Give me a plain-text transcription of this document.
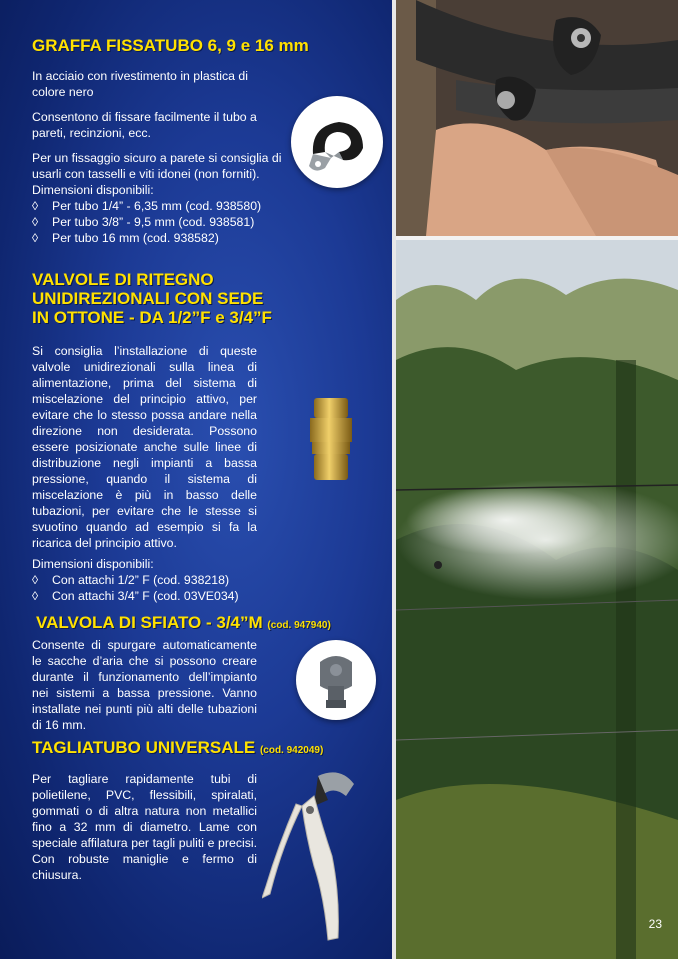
GRAFFA FISSATUBO 6, 9 e 16 mm

In acciaio con rivestimento in plastica di colore nero

Consentono di fissare facilmente il tubo a pareti, recinzioni, ecc.

Per un fissaggio sicuro a parete si consiglia di usarli con tasselli e viti idonei (non forniti).

Dimensioni disponibili:

◊ Per tubo 1/4” - 6,35 mm (cod. 938580)
◊ Per tubo 3/8” - 9,5 mm (cod. 938581)
◊ Per tubo 16 mm (cod. 938582)
VALVOLE DI RITEGNO
UNIDIREZIONALI CON SEDE
IN OTTONE - DA 1/2”F e 3/4”F

Si consiglia l’installazione di queste valvole unidirezionali sulla linea di alimentazione, prima del sistema di miscelazione del principio attivo, per evitare che lo stesso possa andare nella direzione non desiderata. Possono essere posizionate anche sulle linee di distribuzione negli impianti a bassa pressione, quando il sistema di miscelazione è più in basso delle tubazioni, per evitare che le stesse si svuotino quando ad esempio si fa la ricarica del principio attivo.

Dimensioni disponibili:

◊ Con attachi 1/2” F (cod. 938218)
◊ Con attachi 3/4” F (cod. 03VE034)
VALVOLA DI SFIATO - 3/4”M (cod. 947940)

Consente di spurgare automaticamente le sacche d’aria che si possono creare durante il funzionamento dell’impianto nei sistemi a bassa pressione. Vanno installate nei punti più alti delle tubazioni di 16 mm.

TAGLIATUBO UNIVERSALE (cod. 942049)

Per tagliare rapidamente tubi di polietilene, PVC, flessibili, spiralati, gommati o di altra natura non metallici fino a 32 mm di diametro. Lame con speciale affilatura per tagli puliti e precisi. Con robuste maniglie e fermo di chiusura.

23
